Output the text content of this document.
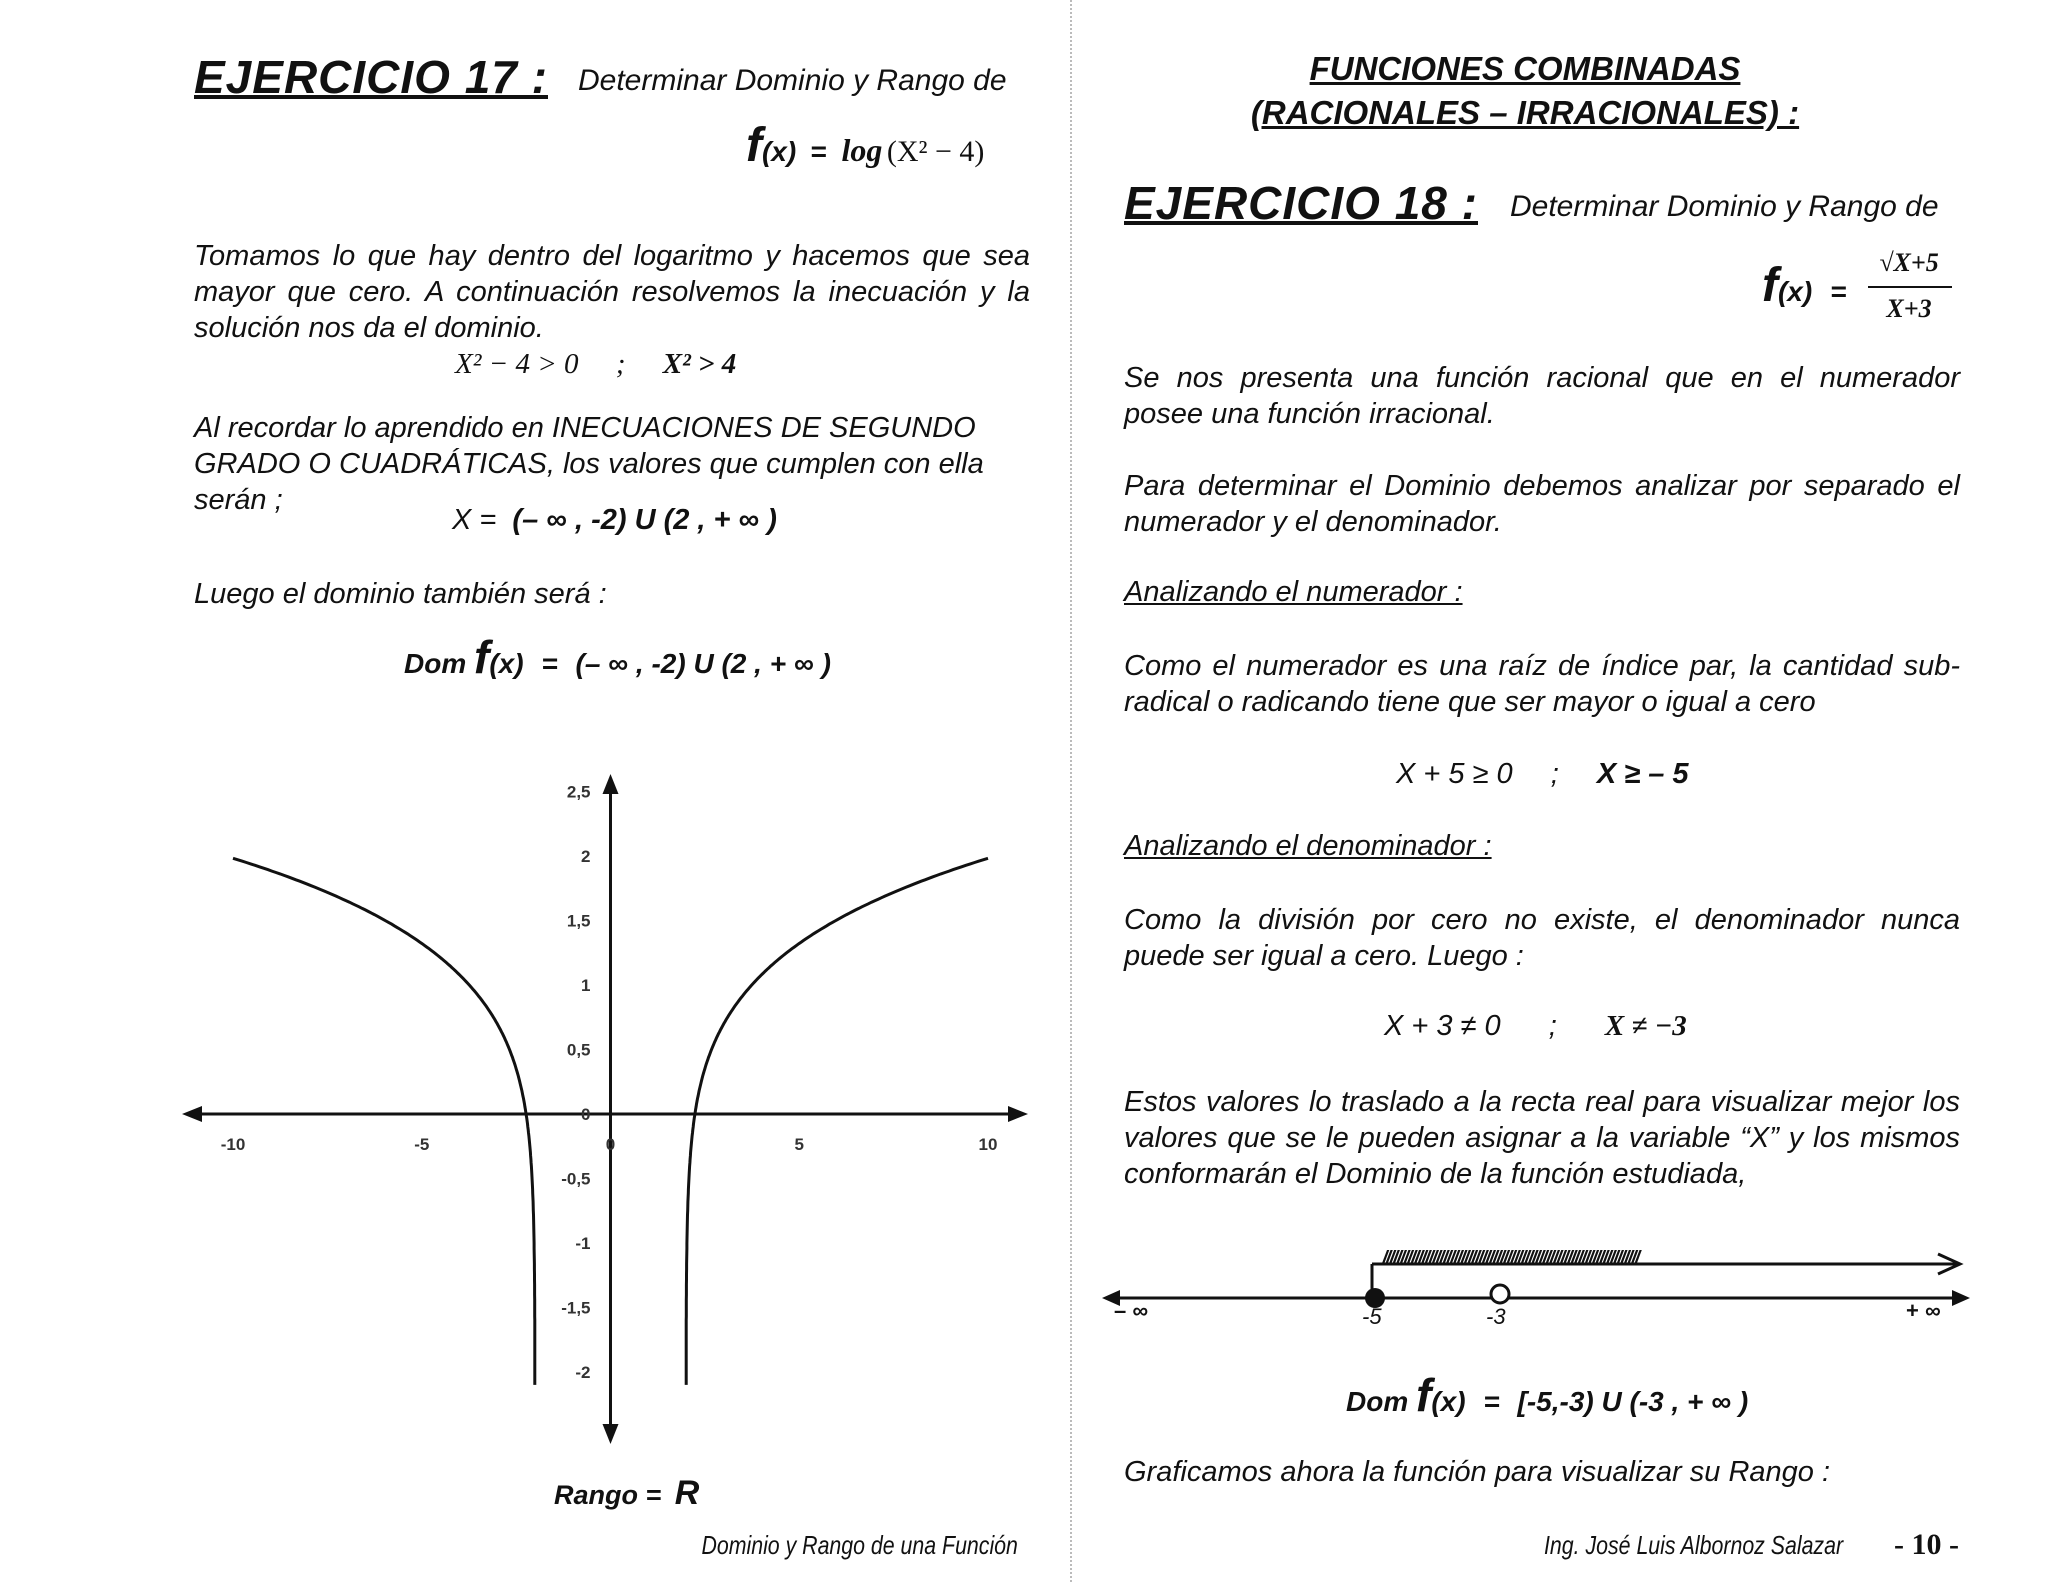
EJERCICIO 17 : Determinar Dominio y Rango de
f(x) = log (X² − 4)
Tomamos lo que hay dentro del logaritmo y hacemos que sea mayor que cero. A continuación resolvemos la inecuación y la solución nos da el dominio.
X² − 4 > 0 ; X² > 4
Al recordar lo aprendido en INECUACIONES DE SEGUNDO GRADO O CUADRÁTICAS, los valores que cumplen con ella serán ;
X = (– ∞ , -2) U (2 , + ∞ )
Luego el dominio también será :
Dom f(x) = (– ∞ , -2) U (2 , + ∞ )
-10	-5	0	5	10
2,5
2
1,5
1
0,5
0
-0,5
-1
-1,5
-2
Rango = R
Dominio y Rango de una Función
FUNCIONES COMBINADAS
(RACIONALES – IRRACIONALES) :
EJERCICIO 18 : Determinar Dominio y Rango de
f(x) =
√X+5
X+3
Se nos presenta una función racional que en el numerador posee una función irracional.
Para determinar el Dominio debemos analizar por separado el numerador y el denominador.
Analizando el numerador :
Como el numerador es una raíz de índice par, la cantidad sub-radical o radicando tiene que ser mayor o igual a cero
X + 5 ≥ 0 ; X ≥ – 5
Analizando el denominador :
Como la división por cero no existe, el denominador nunca puede ser igual a cero. Luego :
X + 3 ≠ 0 ; X ≠ −3
Estos valores lo traslado a la recta real para visualizar mejor los valores que se le pueden asignar a la variable “X” y los mismos conformarán el Dominio de la función estudiada,
////////////////////////////////////////////////////////////////////////
– ∞	-5	-3	+ ∞
Dom f(x) = [-5,-3) U (-3 , + ∞ )
Graficamos ahora la función para visualizar su Rango :
Ing. José Luis Albornoz Salazar - 10 -
